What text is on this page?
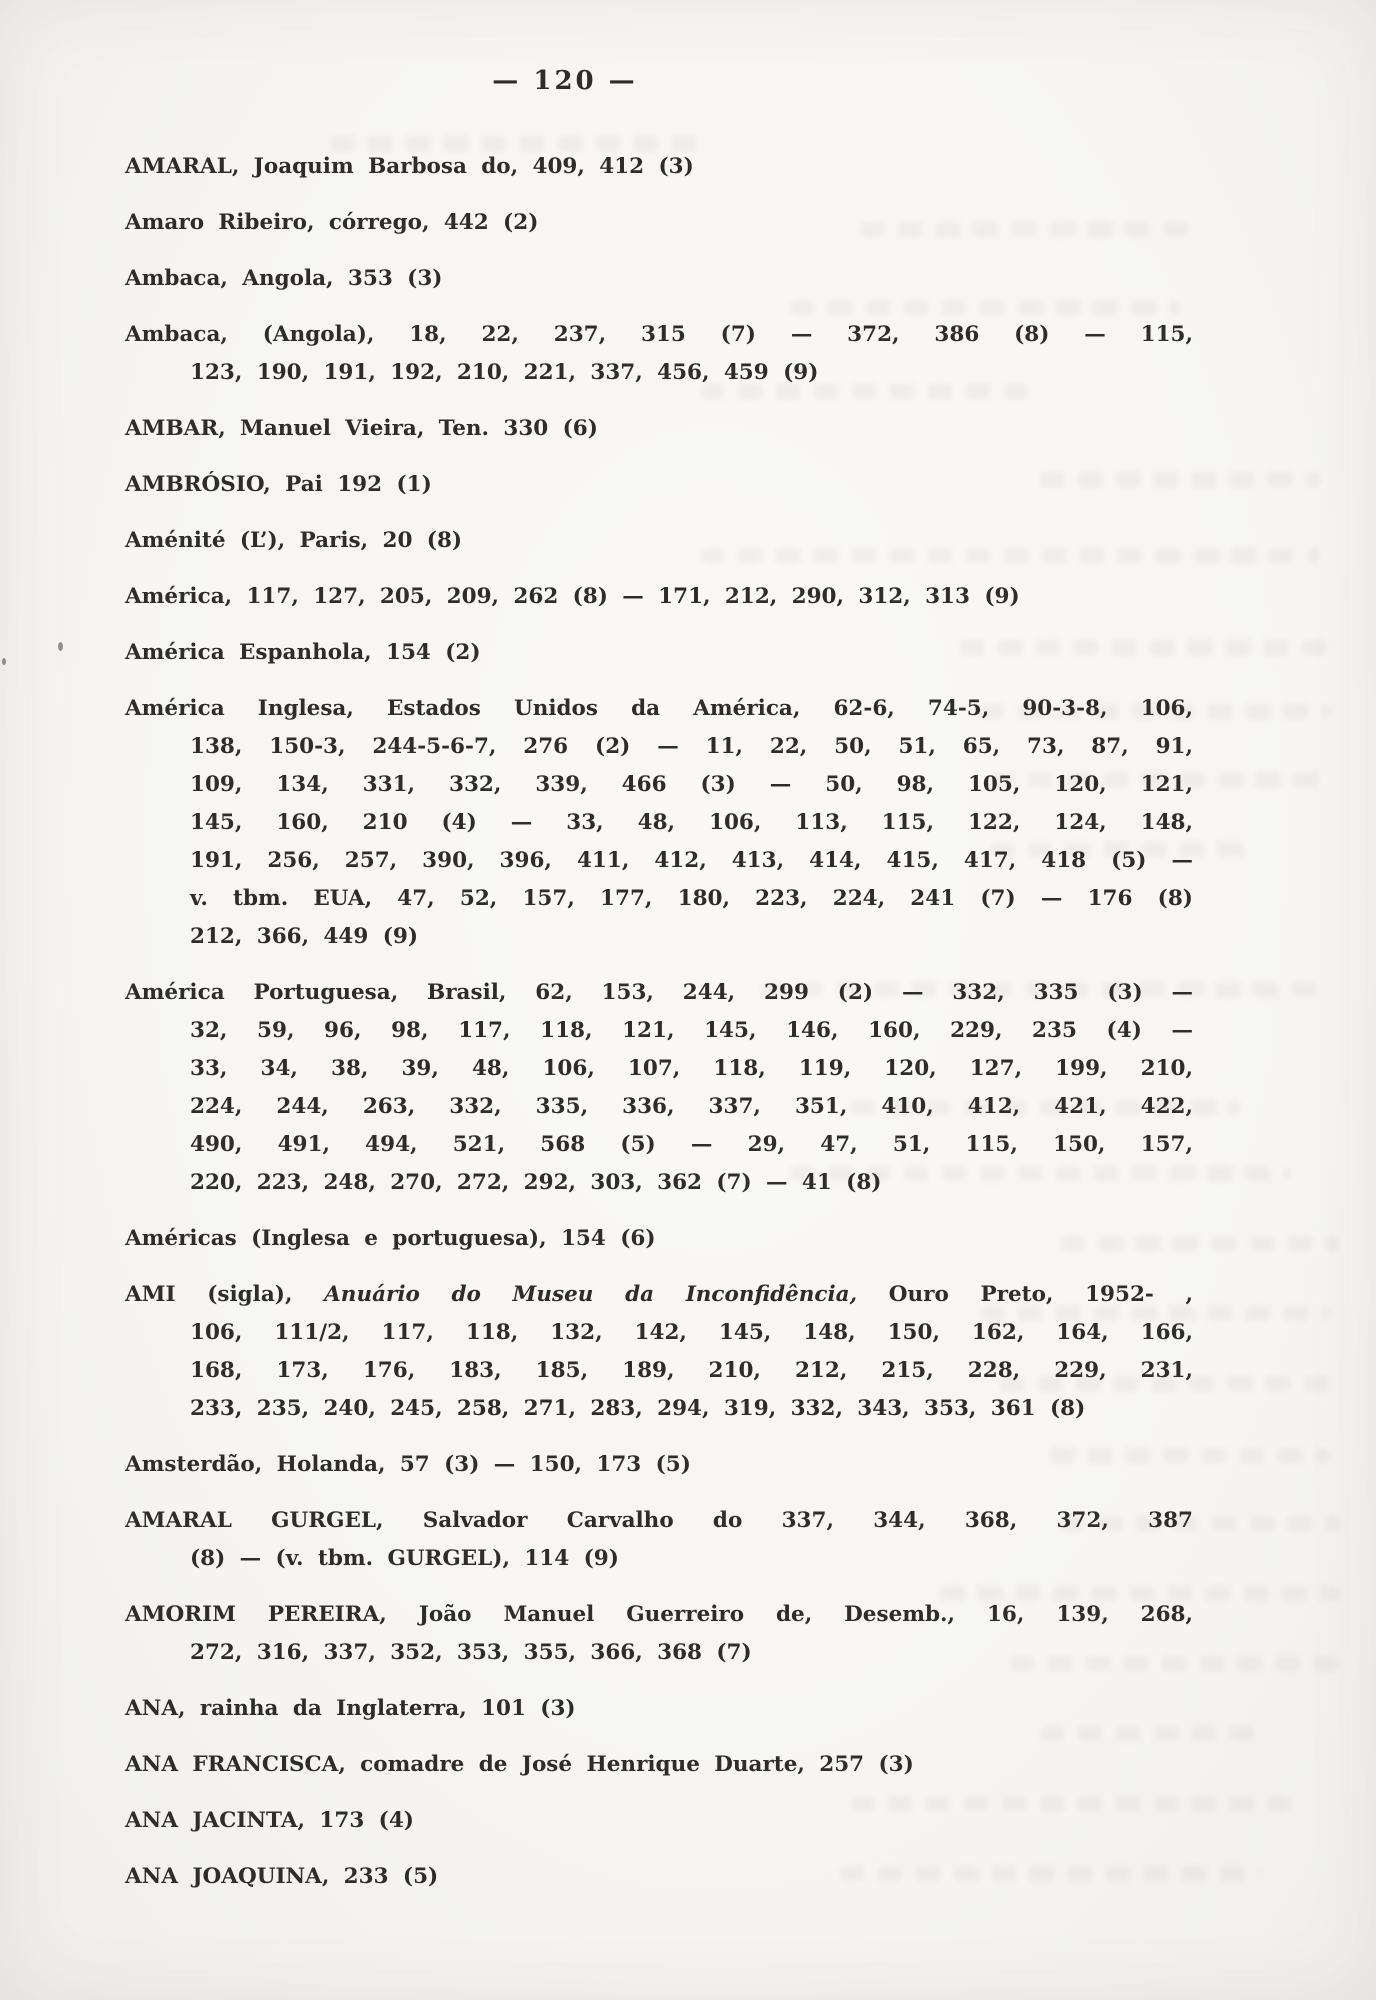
— 120 —
AMARAL, Joaquim Barbosa do, 409, 412 (3)
Amaro Ribeiro, córrego, 442 (2)
Ambaca, Angola, 353 (3)
Ambaca, (Angola), 18, 22, 237, 315 (7) — 372, 386 (8) — 115,
123, 190, 191, 192, 210, 221, 337, 456, 459 (9)
AMBAR, Manuel Vieira, Ten. 330 (6)
AMBRÓSIO, Pai 192 (1)
Aménité (L’), Paris, 20 (8)
América, 117, 127, 205, 209, 262 (8) — 171, 212, 290, 312, 313 (9)
América Espanhola, 154 (2)
América Inglesa, Estados Unidos da América, 62-6, 74-5, 90-3-8, 106,
138, 150-3, 244-5-6-7, 276 (2) — 11, 22, 50, 51, 65, 73, 87, 91,
109, 134, 331, 332, 339, 466 (3) — 50, 98, 105, 120, 121,
145, 160, 210 (4) — 33, 48, 106, 113, 115, 122, 124, 148,
191, 256, 257, 390, 396, 411, 412, 413, 414, 415, 417, 418 (5) —
v. tbm. EUA, 47, 52, 157, 177, 180, 223, 224, 241 (7) — 176 (8)
212, 366, 449 (9)
América Portuguesa, Brasil, 62, 153, 244, 299 (2) — 332, 335 (3) —
32, 59, 96, 98, 117, 118, 121, 145, 146, 160, 229, 235 (4) —
33, 34, 38, 39, 48, 106, 107, 118, 119, 120, 127, 199, 210,
224, 244, 263, 332, 335, 336, 337, 351, 410, 412, 421, 422,
490, 491, 494, 521, 568 (5) — 29, 47, 51, 115, 150, 157,
220, 223, 248, 270, 272, 292, 303, 362 (7) — 41 (8)
Américas (Inglesa e portuguesa), 154 (6)
AMI (sigla), Anuário do Museu da Inconfidência, Ouro Preto, 1952- ,
106, 111/2, 117, 118, 132, 142, 145, 148, 150, 162, 164, 166,
168, 173, 176, 183, 185, 189, 210, 212, 215, 228, 229, 231,
233, 235, 240, 245, 258, 271, 283, 294, 319, 332, 343, 353, 361 (8)
Amsterdão, Holanda, 57 (3) — 150, 173 (5)
AMARAL GURGEL, Salvador Carvalho do 337, 344, 368, 372, 387
(8) — (v. tbm. GURGEL), 114 (9)
AMORIM PEREIRA, João Manuel Guerreiro de, Desemb., 16, 139, 268,
272, 316, 337, 352, 353, 355, 366, 368 (7)
ANA, rainha da Inglaterra, 101 (3)
ANA FRANCISCA, comadre de José Henrique Duarte, 257 (3)
ANA JACINTA, 173 (4)
ANA JOAQUINA, 233 (5)
